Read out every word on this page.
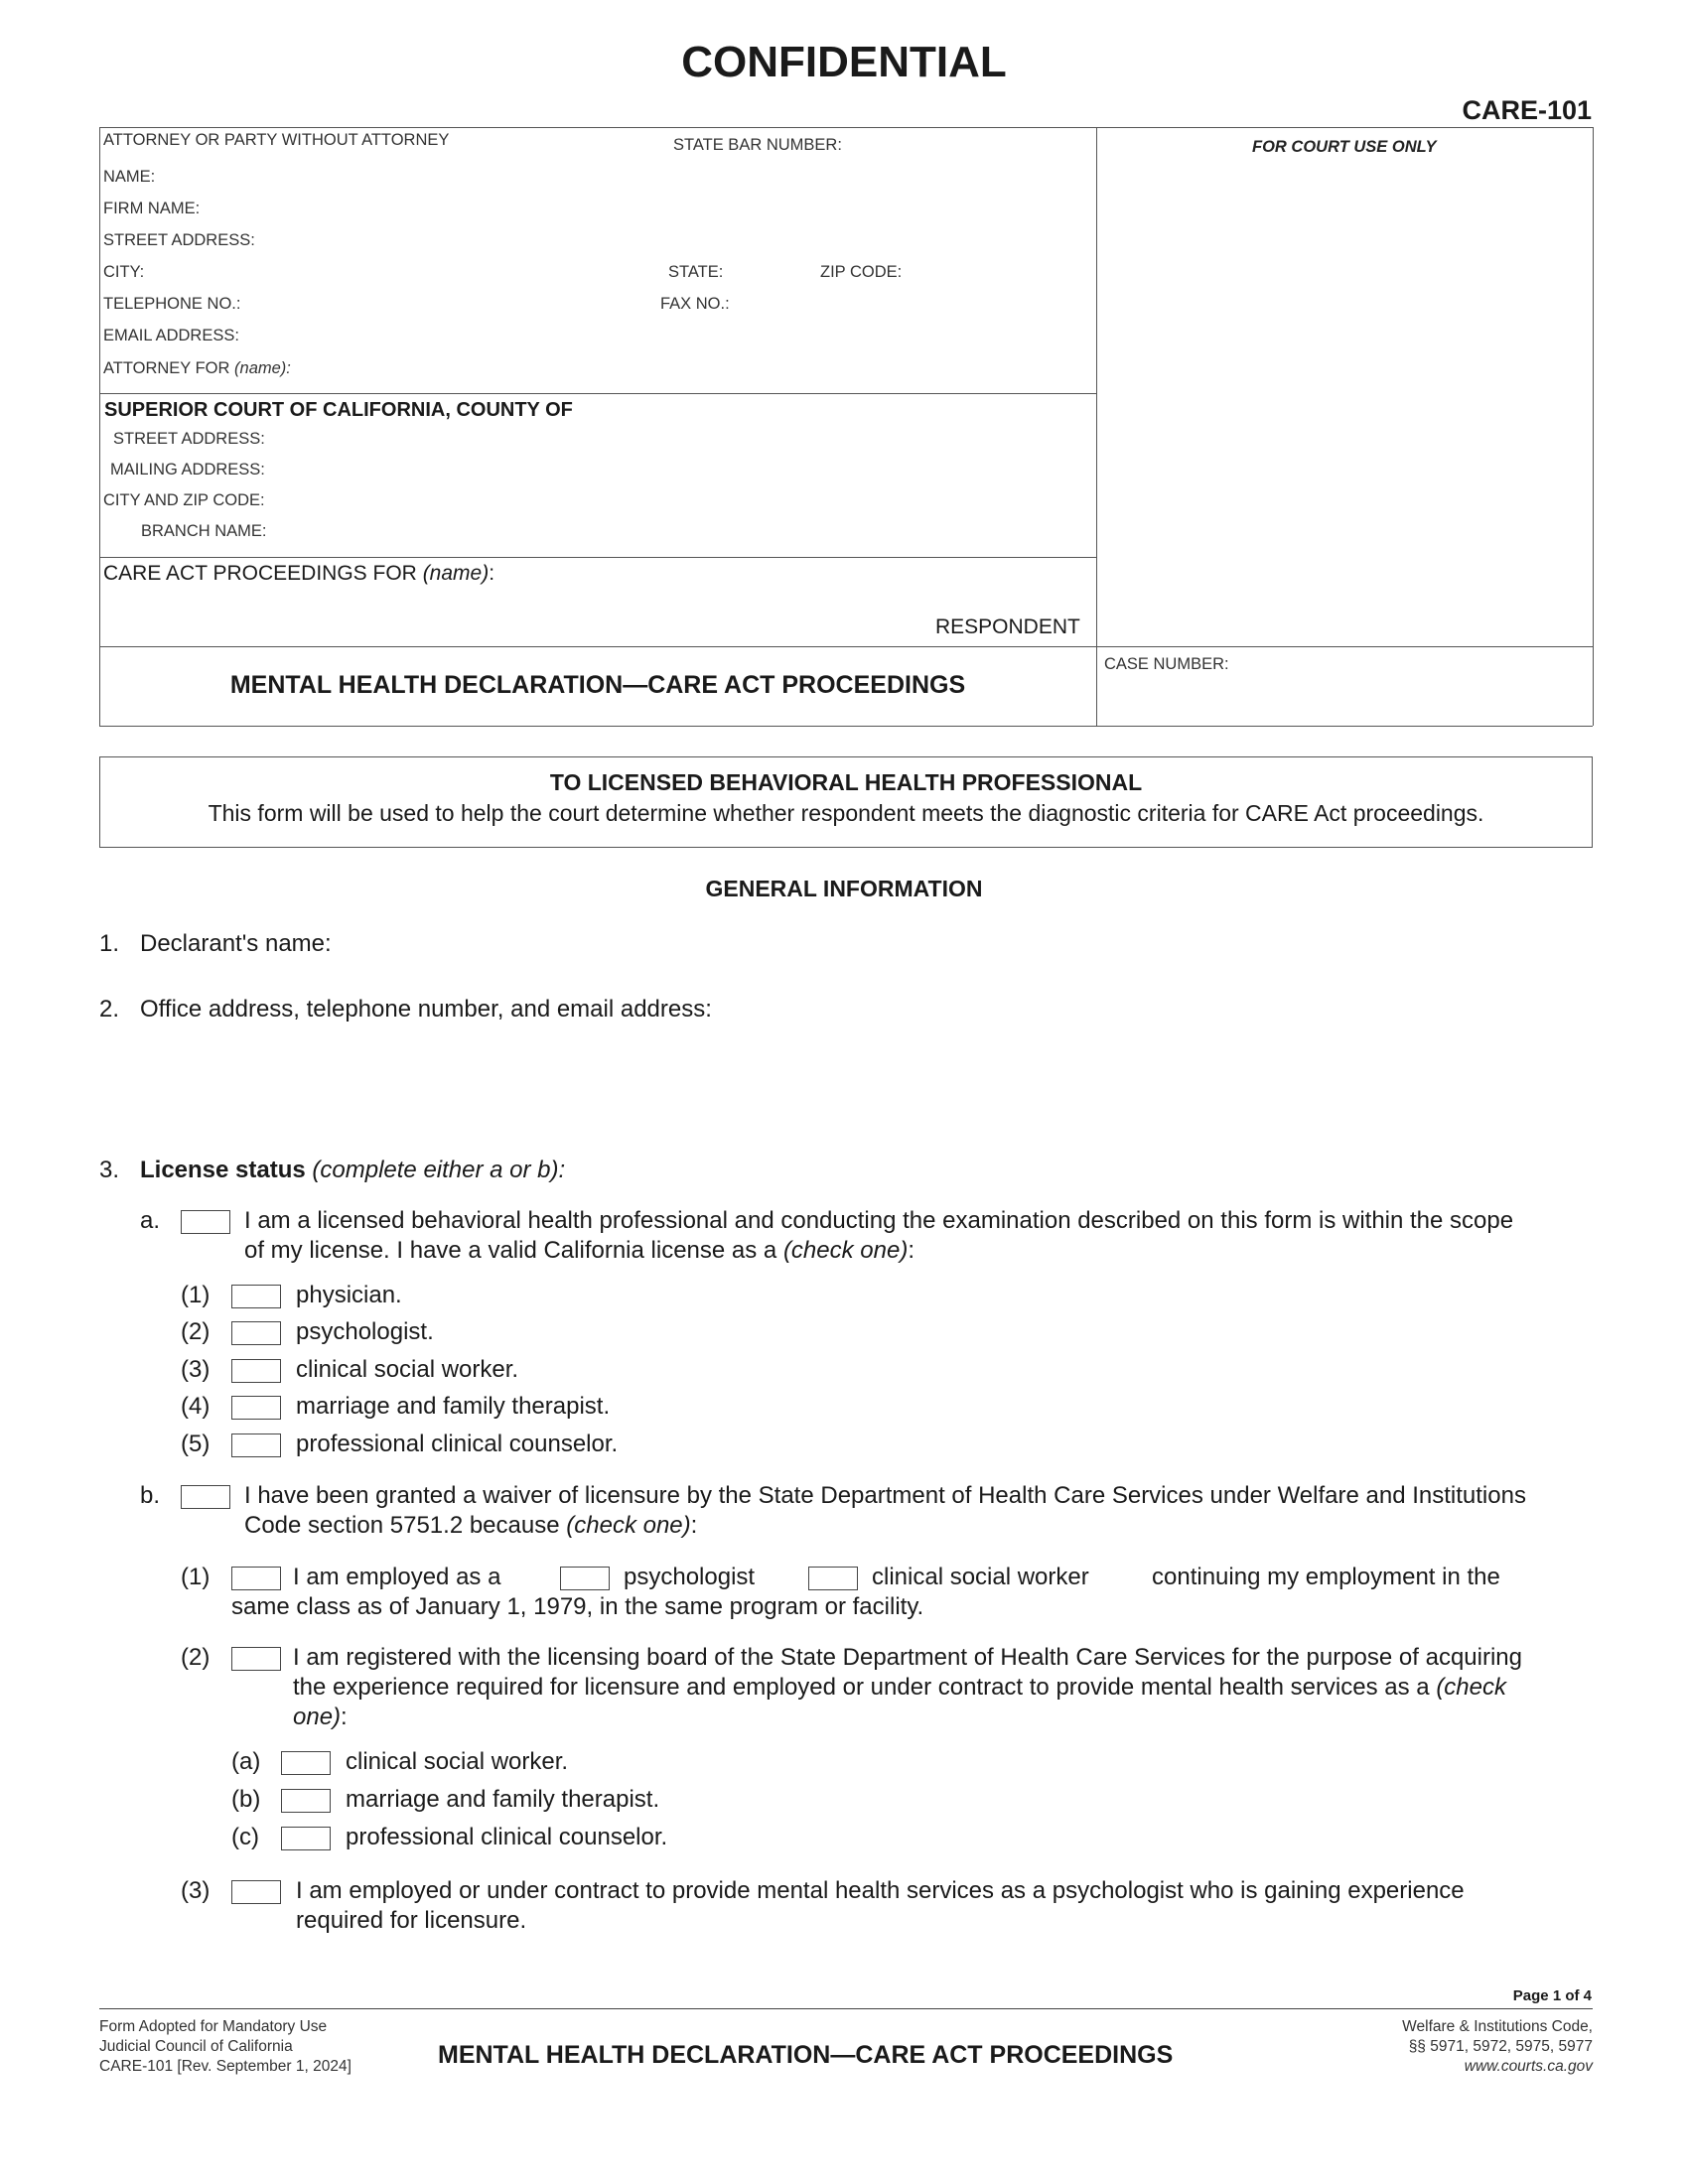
CONFIDENTIAL
CARE-101
ATTORNEY OR PARTY WITHOUT ATTORNEY	STATE BAR NUMBER:	FOR COURT USE ONLY
NAME:
FIRM NAME:
STREET ADDRESS:
CITY:	STATE:	ZIP CODE:
TELEPHONE NO.:	FAX NO.:
EMAIL ADDRESS:
ATTORNEY FOR (name):
SUPERIOR COURT OF CALIFORNIA, COUNTY OF
STREET ADDRESS:
MAILING ADDRESS:
CITY AND ZIP CODE:
BRANCH NAME:
CARE ACT PROCEEDINGS FOR (name):
RESPONDENT
MENTAL HEALTH DECLARATION—CARE ACT PROCEEDINGS
CASE NUMBER:
TO LICENSED BEHAVIORAL HEALTH PROFESSIONAL
This form will be used to help the court determine whether respondent meets the diagnostic criteria for CARE Act proceedings.
GENERAL INFORMATION
1. Declarant's name:
2. Office address, telephone number, and email address:
3. License status (complete either a or b):
a.	I am a licensed behavioral health professional and conducting the examination described on this form is within the scope
of my license. I have a valid California license as a (check one):
(1)	physician.
(2)	psychologist.
(3)	clinical social worker.
(4)	marriage and family therapist.
(5)	professional clinical counselor.
b.	I have been granted a waiver of licensure by the State Department of Health Care Services under Welfare and Institutions
Code section 5751.2 because (check one):
(1)	I am employed as a	psychologist	clinical social worker	continuing my employment in the
same class as of January 1, 1979, in the same program or facility.
(2)	I am registered with the licensing board of the State Department of Health Care Services for the purpose of acquiring
the experience required for licensure and employed or under contract to provide mental health services as a (check
one):
(a)	clinical social worker.
(b)	marriage and family therapist.
(c)	professional clinical counselor.
(3)	I am employed or under contract to provide mental health services as a psychologist who is gaining experience
required for licensure.
Page 1 of 4
Form Adopted for Mandatory Use
Judicial Council of California
CARE-101 [Rev. September 1, 2024]	MENTAL HEALTH DECLARATION—CARE ACT PROCEEDINGS
Welfare & Institutions Code,
§§ 5971, 5972, 5975, 5977
www.courts.ca.gov
